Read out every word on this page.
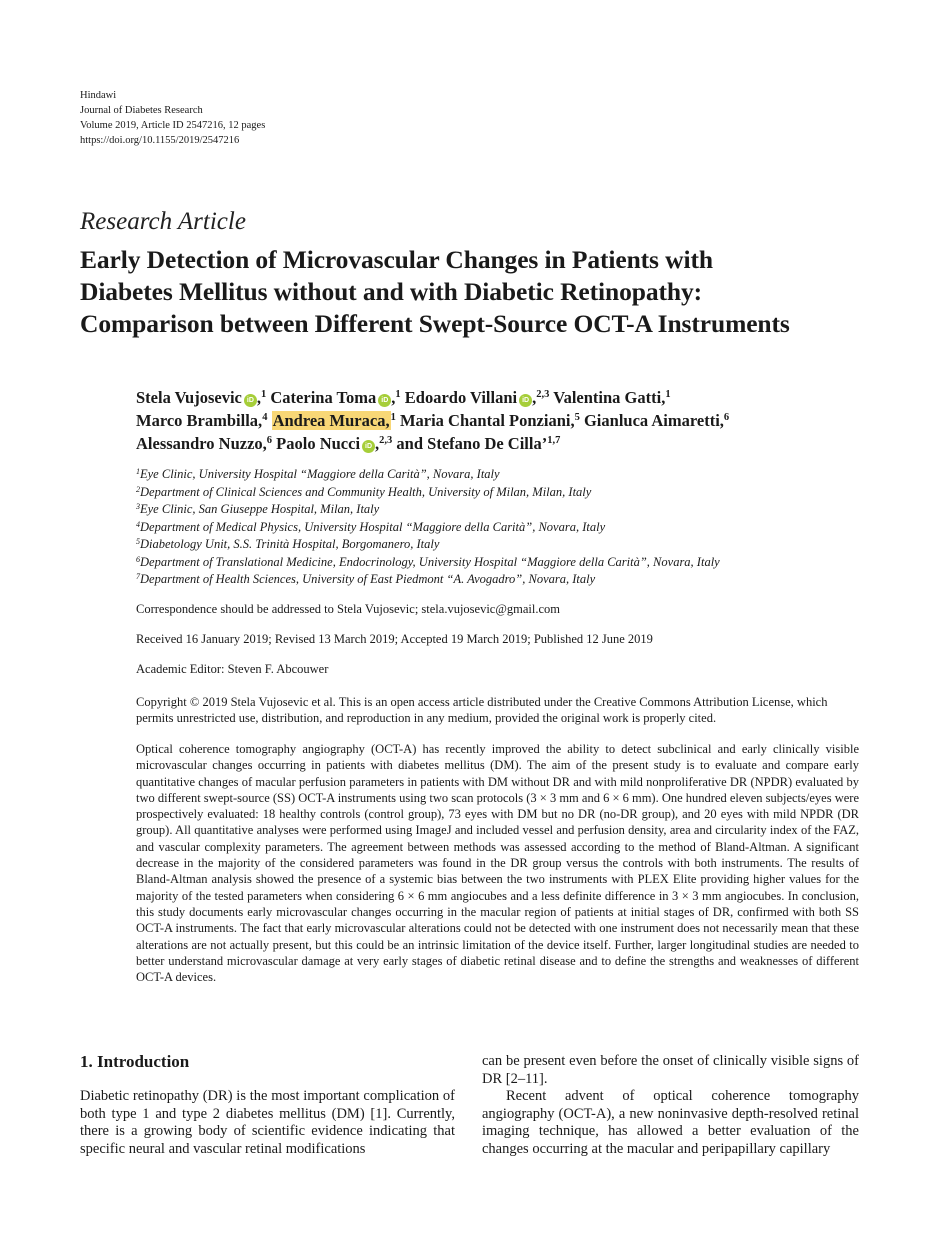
Hindawi
Journal of Diabetes Research
Volume 2019, Article ID 2547216, 12 pages
https://doi.org/10.1155/2019/2547216
Research Article
Early Detection of Microvascular Changes in Patients with
Diabetes Mellitus without and with Diabetic Retinopathy:
Comparison between Different Swept-Source OCT-A Instruments
Stela Vujosevic iD ,$^1$ Caterina Toma iD ,$^1$ Edoardo Villani iD ,$^{2,3}$ Valentina Gatti,$^1$
Marco Brambilla,$^4$ Andrea Muraca,$^1$ Maria Chantal Ponziani,$^5$ Gianluca Aimaretti,$^6$
Alessandro Nuzzo,$^6$ Paolo Nucci iD ,$^{2,3}$ and Stefano De Cilla’$^{1,7}$
$^1$Eye Clinic, University Hospital “Maggiore della Carità”, Novara, Italy
$^2$Department of Clinical Sciences and Community Health, University of Milan, Milan, Italy
$^3$Eye Clinic, San Giuseppe Hospital, Milan, Italy
$^4$Department of Medical Physics, University Hospital “Maggiore della Carità”, Novara, Italy
$^5$Diabetology Unit, S.S. Trinità Hospital, Borgomanero, Italy
$^6$Department of Translational Medicine, Endocrinology, University Hospital “Maggiore della Carità”, Novara, Italy
$^7$Department of Health Sciences, University of East Piedmont “A. Avogadro”, Novara, Italy
Correspondence should be addressed to Stela Vujosevic; stela.vujosevic@gmail.com
Received 16 January 2019; Revised 13 March 2019; Accepted 19 March 2019; Published 12 June 2019
Academic Editor: Steven F. Abcouwer
Copyright © 2019 Stela Vujosevic et al. This is an open access article distributed under the Creative Commons Attribution License, which permits unrestricted use, distribution, and reproduction in any medium, provided the original work is properly cited.
Optical coherence tomography angiography (OCT-A) has recently improved the ability to detect subclinical and early clinically visible microvascular changes occurring in patients with diabetes mellitus (DM). The aim of the present study is to evaluate and compare early quantitative changes of macular perfusion parameters in patients with DM without DR and with mild nonproliferative DR (NPDR) evaluated by two different swept-source (SS) OCT-A instruments using two scan protocols (3 × 3 mm and 6 × 6 mm). One hundred eleven subjects/eyes were prospectively evaluated: 18 healthy controls (control group), 73 eyes with DM but no DR (no-DR group), and 20 eyes with mild NPDR (DR group). All quantitative analyses were performed using ImageJ and included vessel and perfusion density, area and circularity index of the FAZ, and vascular complexity parameters. The agreement between methods was assessed according to the method of Bland-Altman. A significant decrease in the majority of the considered parameters was found in the DR group versus the controls with both instruments. The results of Bland-Altman analysis showed the presence of a systemic bias between the two instruments with PLEX Elite providing higher values for the majority of the tested parameters when considering 6 × 6 mm angiocubes and a less definite difference in 3 × 3 mm angiocubes. In conclusion, this study documents early microvascular changes occurring in the macular region of patients at initial stages of DR, confirmed with both SS OCT-A instruments. The fact that early microvascular alterations could not be detected with one instrument does not necessarily mean that these alterations are not actually present, but this could be an intrinsic limitation of the device itself. Further, larger longitudinal studies are needed to better understand microvascular damage at very early stages of diabetic retinal disease and to define the strengths and weaknesses of different OCT-A devices.
1. Introduction

Diabetic retinopathy (DR) is the most important complication of both type 1 and type 2 diabetes mellitus (DM) [1]. Currently, there is a growing body of scientific evidence indicating that specific neural and vascular retinal modifications

can be present even before the onset of clinically visible signs of DR [2–11].

Recent advent of optical coherence tomography angiography (OCT-A), a new noninvasive depth-resolved retinal imaging technique, has allowed a better evaluation of the changes occurring at the macular and peripapillary capillary
